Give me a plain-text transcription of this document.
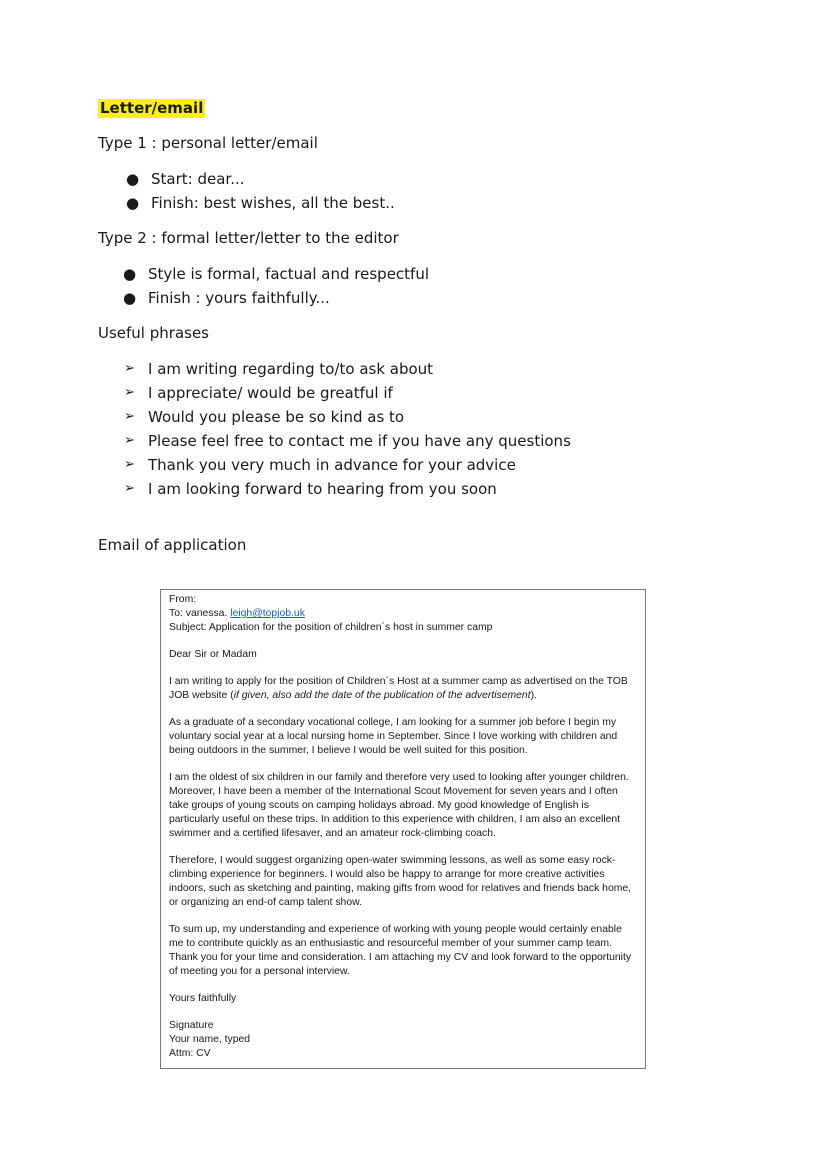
Letter/email
Type 1 : personal letter/email
● Start: dear...
● Finish: best wishes, all the best..
Type 2 : formal letter/letter to the editor
● Style is formal, factual and respectful
● Finish : yours faithfully...
Useful phrases
➢ I am writing regarding to/to ask about
➢ I appreciate/ would be greatful if
➢ Would you please be so kind as to
➢ Please feel free to contact me if you have any questions
➢ Thank you very much in advance for your advice
➢ I am looking forward to hearing from you soon
Email of application

From:

To: vanessa. leigh@topjob.uk

Subject: Application for the position of children´s host in summer camp

Dear Sir or Madam

I am writing to apply for the position of Children´s Host at a summer camp as advertised on the TOB JOB website (if given, also add the date of the publication of the advertisement).

As a graduate of a secondary vocational college, I am looking for a summer job before I begin my voluntary social year at a local nursing home in September. Since I love working with children and being outdoors in the summer, I believe I would be well suited for this position.

I am the oldest of six children in our family and therefore very used to looking after younger children. Moreover, I have been a member of the International Scout Movement for seven years and I often take groups of young scouts on camping holidays abroad. My good knowledge of English is particularly useful on these trips. In addition to this experience with children, I am also an excellent swimmer and a certified lifesaver, and an amateur rock-climbing coach.

Therefore, I would suggest organizing open-water swimming lessons, as well as some easy rock-climbing experience for beginners. I would also be happy to arrange for more creative activities indoors, such as sketching and painting, making gifts from wood for relatives and friends back home, or organizing an end-of camp talent show.

To sum up, my understanding and experience of working with young people would certainly enable me to contribute quickly as an enthusiastic and resourceful member of your summer camp team. Thank you for your time and consideration. I am attaching my CV and look forward to the opportunity of meeting you for a personal interview.

Yours faithfully

Signature

Your name, typed

Attm: CV
